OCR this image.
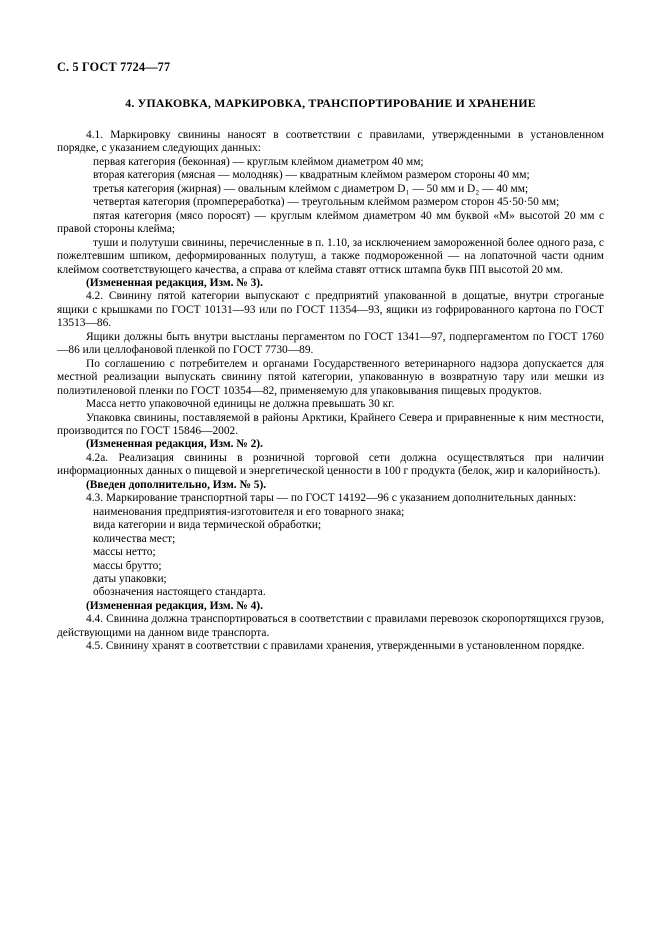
С. 5 ГОСТ 7724—77
4. УПАКОВКА, МАРКИРОВКА, ТРАНСПОРТИРОВАНИЕ И ХРАНЕНИЕ

4.1. Маркировку свинины наносят в соответствии с правилами, утвержденными в установленном порядке, с указанием следующих данных:

первая категория (беконная) — круглым клеймом диаметром 40 мм;

вторая категория (мясная — молодняк) — квадратным клеймом размером стороны 40 мм;

третья категория (жирная) — овальным клеймом с диаметром D₁ — 50 мм и D₂ — 40 мм;

четвертая категория (промпереработка) — треугольным клеймом размером сторон 45·50·50 мм;

пятая категория (мясо поросят) — круглым клеймом диаметром 40 мм буквой «М» высотой 20 мм с правой стороны клейма;

туши и полутуши свинины, перечисленные в п. 1.10, за исключением замороженной более одного раза, с пожелтевшим шпиком, деформированных полутуш, а также подмороженной — на лопаточной части одним клеймом соответствующего качества, а справа от клейма ставят оттиск штампа букв ПП высотой 20 мм.

(Измененная редакция, Изм. № 3).

4.2. Свинину пятой категории выпускают с предприятий упакованной в дощатые, внутри строганые ящики с крышками по ГОСТ 10131—93 или по ГОСТ 11354—93, ящики из гофрированного картона по ГОСТ 13513—86.

Ящики должны быть внутри выстланы пергаментом по ГОСТ 1341—97, подпергаментом по ГОСТ 1760—86 или целлофановой пленкой по ГОСТ 7730—89.

По соглашению с потребителем и органами Государственного ветеринарного надзора допускается для местной реализации выпускать свинину пятой категории, упакованную в возвратную тару или мешки из полиэтиленовой пленки по ГОСТ 10354—82, применяемую для упаковывания пищевых продуктов.

Масса нетто упаковочной единицы не должна превышать 30 кг.

Упаковка свинины, поставляемой в районы Арктики, Крайнего Севера и приравненные к ним местности, производится по ГОСТ 15846—2002.

(Измененная редакция, Изм. № 2).

4.2а. Реализация свинины в розничной торговой сети должна осуществляться при наличии информационных данных о пищевой и энергетической ценности в 100 г продукта (белок, жир и калорийность).

(Введен дополнительно, Изм. № 5).

4.3. Маркирование транспортной тары — по ГОСТ 14192—96 с указанием дополнительных данных:

наименования предприятия-изготовителя и его товарного знака;

вида категории и вида термической обработки;

количества мест;

массы нетто;

массы брутто;

даты упаковки;

обозначения настоящего стандарта.

(Измененная редакция, Изм. № 4).

4.4. Свинина должна транспортироваться в соответствии с правилами перевозок скоропортящихся грузов, действующими на данном виде транспорта.

4.5. Свинину хранят в соответствии с правилами хранения, утвержденными в установленном порядке.
